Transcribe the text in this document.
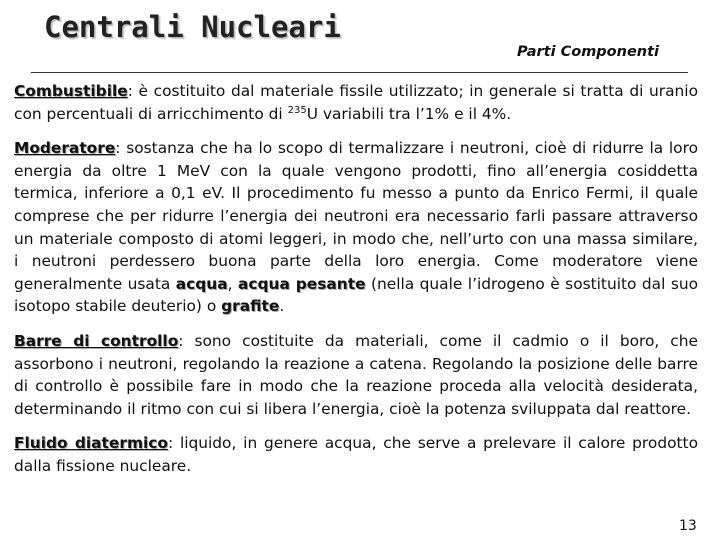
Centrali Nucleari
Parti Componenti

Combustibile: è costituito dal materiale fissile utilizzato; in generale si tratta di uranio con percentuali di arricchimento di $^{235}$U variabili tra l’1% e il 4%.

Moderatore: sostanza che ha lo scopo di termalizzare i neutroni, cioè di ridurre la loro energia da oltre 1 MeV con la quale vengono prodotti, fino all’energia cosiddetta termica, inferiore a 0,1 eV. Il procedimento fu messo a punto da Enrico Fermi, il quale comprese che per ridurre l’energia dei neutroni era necessario farli passare attraverso un materiale composto di atomi leggeri, in modo che, nell’urto con una massa similare, i neutroni perdessero buona parte della loro energia. Come moderatore viene generalmente usata acqua, acqua pesante (nella quale l’idrogeno è sostituito dal suo isotopo stabile deuterio) o grafite.

Barre di controllo: sono costituite da materiali, come il cadmio o il boro, che assorbono i neutroni, regolando la reazione a catena. Regolando la posizione delle barre di controllo è possibile fare in modo che la reazione proceda alla velocità desiderata, determinando il ritmo con cui si libera l’energia, cioè la potenza sviluppata dal reattore.

Fluido diatermico: liquido, in genere acqua, che serve a prelevare il calore prodotto dalla fissione nucleare.

13
